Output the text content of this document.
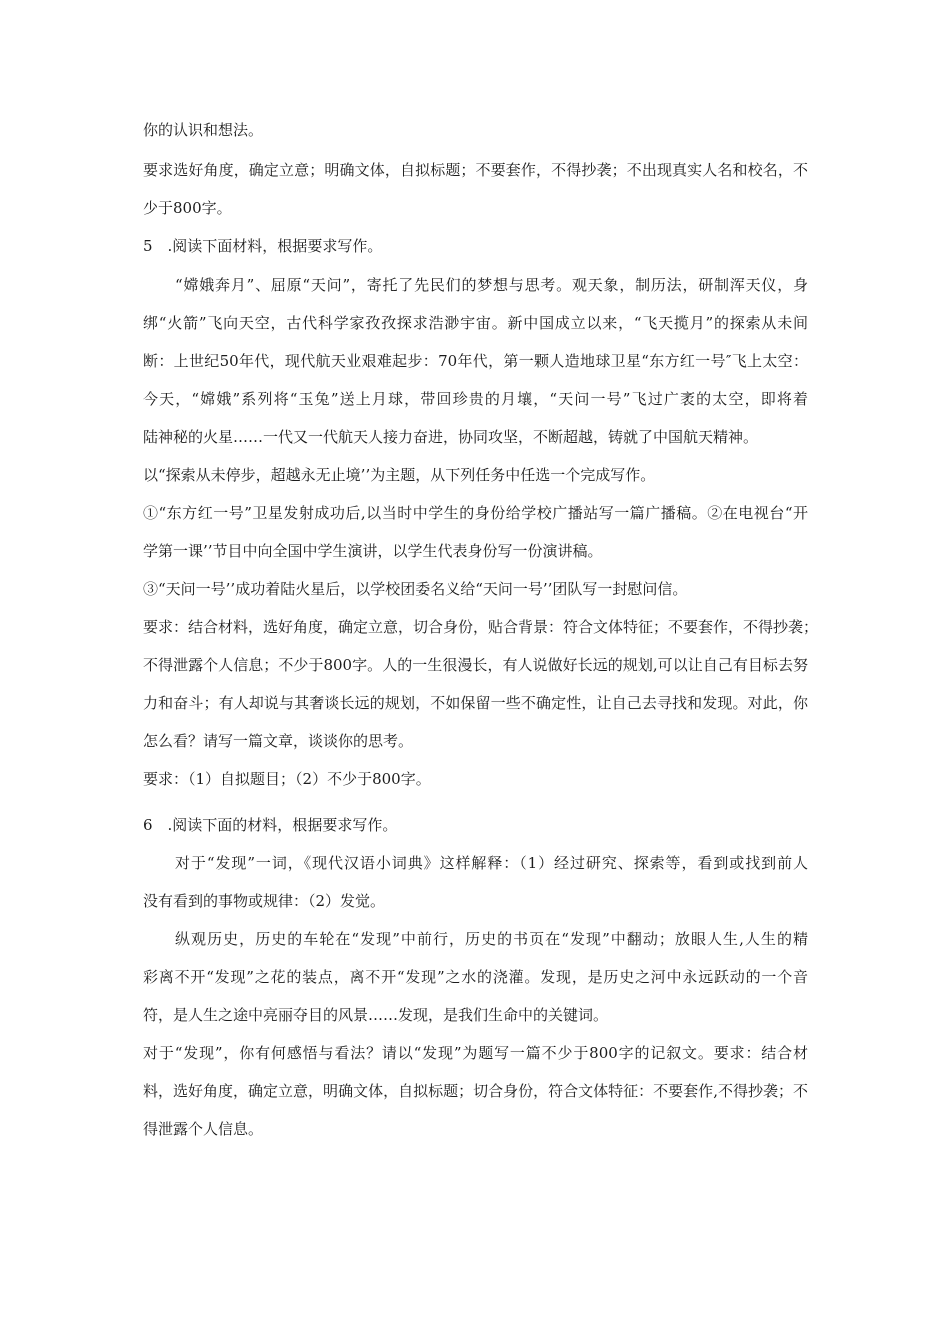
你的认识和想法。
要求选好角度，确定立意；明确文体，自拟标题；不要套作，不得抄袭；不出现真实人名和校名，不
少于800字。
5　.阅读下面材料，根据要求写作。
“嫦娥奔月”、屈原“天问”，寄托了先民们的梦想与思考。观天象，制历法，研制浑天仪，身
绑“火箭”飞向天空，古代科学家孜孜探求浩渺宇宙。新中国成立以来，“飞天揽月”的探索从未间
断：上世纪50年代，现代航天业艰难起步：70年代，第一颗人造地球卫星“东方红一号″飞上太空：
今天，“嫦娥”系列将“玉兔”送上月球，带回珍贵的月壤，“天问一号”飞过广袤的太空，即将着
陆神秘的火星……一代又一代航天人接力奋进，协同攻坚，不断超越，铸就了中国航天精神。
以“探索从未停步，超越永无止境’’为主题，从下列任务中任选一个完成写作。
①“东方红一号”卫星发射成功后,以当时中学生的身份给学校广播站写一篇广播稿。②在电视台“开
学第一课’’节目中向全国中学生演讲，以学生代表身份写一份演讲稿。
③“天问一号’’成功着陆火星后，以学校团委名义给“天问一号’’团队写一封慰问信。
要求：结合材料，选好角度，确定立意，切合身份，贴合背景：符合文体特征；不要套作，不得抄袭；
不得泄露个人信息；不少于800字。人的一生很漫长，有人说做好长远的规划,可以让自己有目标去努
力和奋斗；有人却说与其奢谈长远的规划，不如保留一些不确定性，让自己去寻找和发现。对此，你
怎么看？请写一篇文章，谈谈你的思考。
要求：（1）自拟题目；（2）不少于800字。
6　.阅读下面的材料，根据要求写作。
对于“发现”一词，《现代汉语小词典》这样解释：（1）经过研究、探索等，看到或找到前人
没有看到的事物或规律：（2）发觉。
纵观历史，历史的车轮在“发现”中前行，历史的书页在“发现”中翻动；放眼人生,人生的精
彩离不开“发现”之花的装点，离不开“发现”之水的浇灌。发现，是历史之河中永远跃动的一个音
符，是人生之途中亮丽夺目的风景……发现，是我们生命中的关键词。
对于“发现”，你有何感悟与看法？请以“发现”为题写一篇不少于800字的记叙文。要求：结合材
料，选好角度，确定立意，明确文体，自拟标题；切合身份，符合文体特征：不要套作,不得抄袭；不
得泄露个人信息。
